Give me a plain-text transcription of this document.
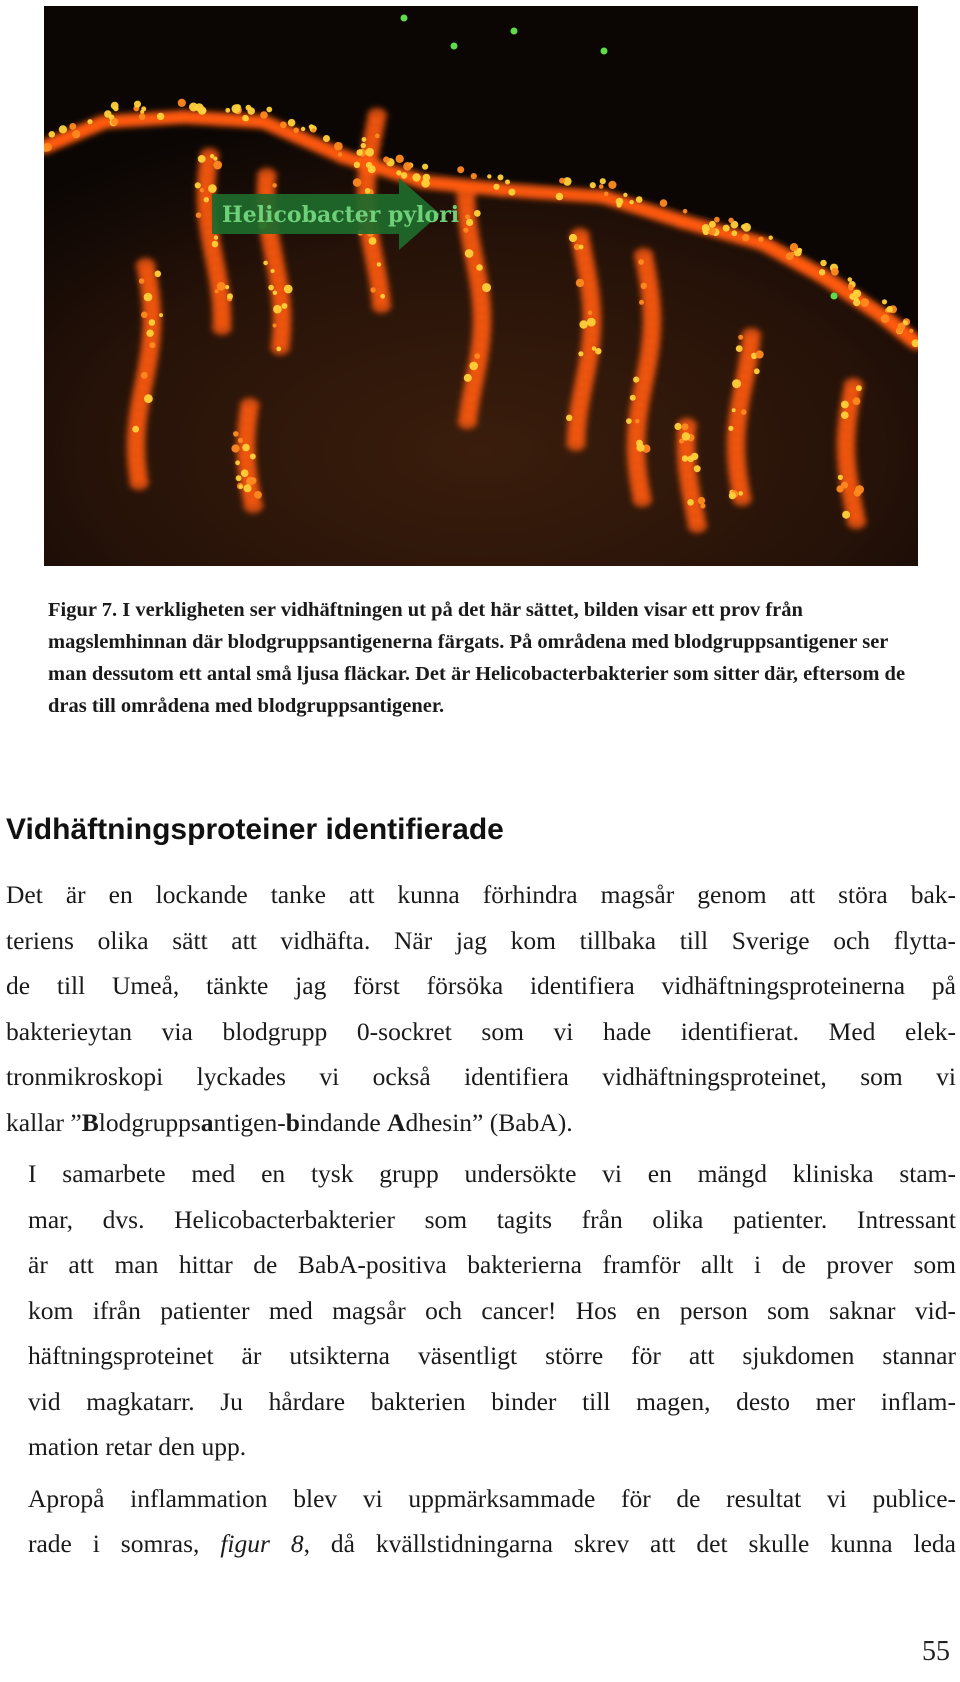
Helicobacter pylori

Figur 7. I verkligheten ser vidhäftningen ut på det här sättet, bilden visar ett prov från magslemhinnan där blodgruppsantigenerna färgats. På områdena med blodgruppsantigener ser man dessutom ett antal små ljusa fläckar. Det är Helicobacterbakterier som sitter där, eftersom de dras till områdena med blodgruppsantigener.

Vidhäftningsproteiner identifierade

Det är en lockande tanke att kunna förhindra magsår genom att störa bak-
teriens olika sätt att vidhäfta. När jag kom tillbaka till Sverige och flytta-
de till Umeå, tänkte jag först försöka identifiera vidhäftningsproteinerna på
bakterieytan via blodgrupp 0-sockret som vi hade identifierat. Med elek-
tronmikroskopi lyckades vi också identifiera vidhäftningsproteinet, som vi
kallar ”Blodgruppsantigen-bindande Adhesin” (BabA).

I samarbete med en tysk grupp undersökte vi en mängd kliniska stam-
mar, dvs. Helicobacterbakterier som tagits från olika patienter. Intressant
är att man hittar de BabA-positiva bakterierna framför allt i de prover som
kom ifrån patienter med magsår och cancer! Hos en person som saknar vid-
häftningsproteinet är utsikterna väsentligt större för att sjukdomen stannar
vid magkatarr. Ju hårdare bakterien binder till magen, desto mer inflam-
mation retar den upp.

Apropå inflammation blev vi uppmärksammade för de resultat vi publice-
rade i somras, figur 8, då kvällstidningarna skrev att det skulle kunna leda

55
